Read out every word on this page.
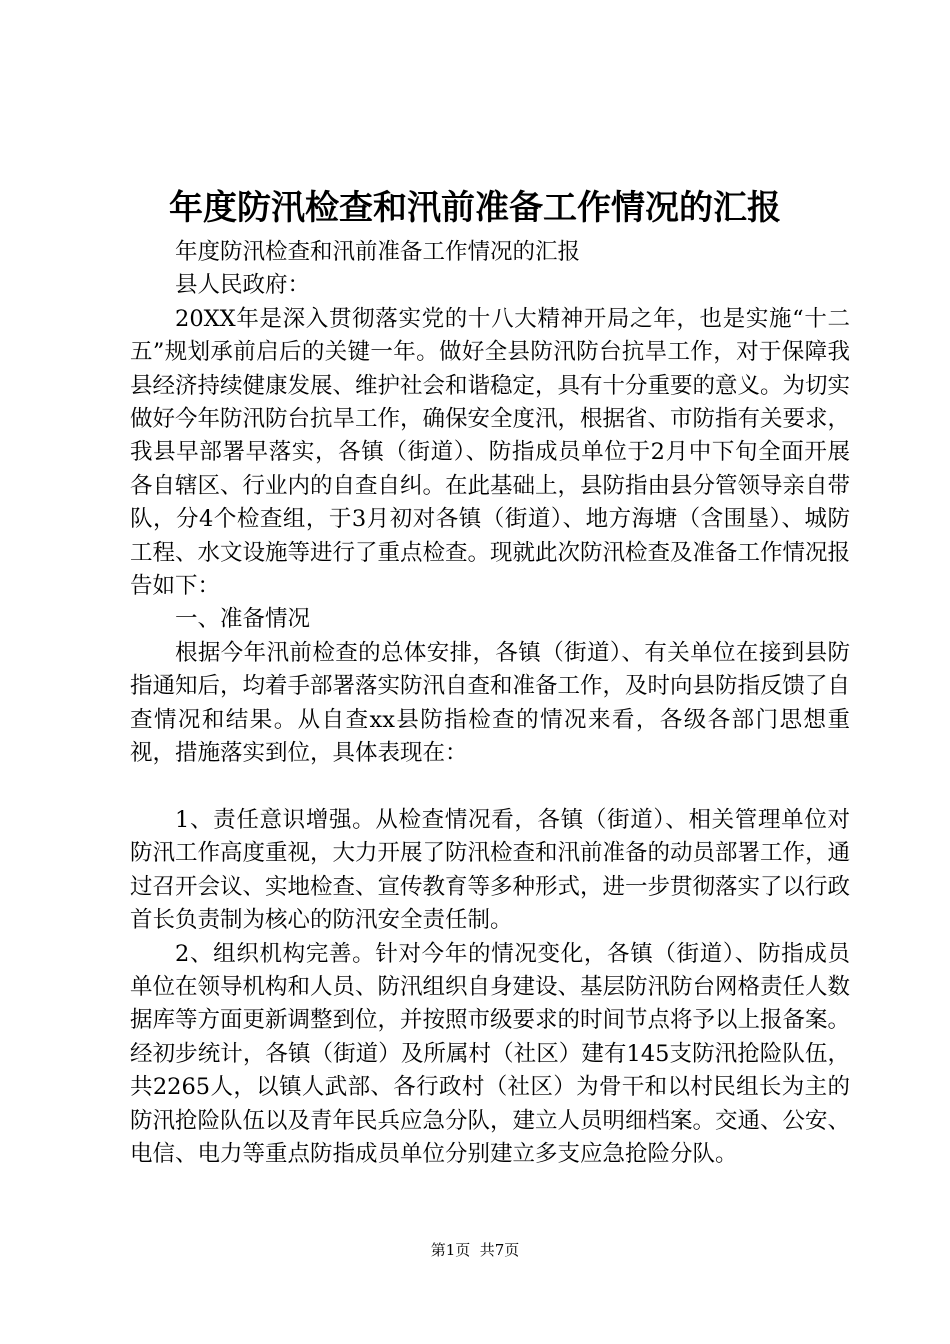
年度防汛检查和汛前准备工作情况的汇报

年度防汛检查和汛前准备工作情况的汇报

县人民政府：

20XX年是深入贯彻落实党的十八大精神开局之年，也是实施“十二五”规划承前启后的关键一年。做好全县防汛防台抗旱工作，对于保障我县经济持续健康发展、维护社会和谐稳定，具有十分重要的意义。为切实做好今年防汛防台抗旱工作，确保安全度汛，根据省、市防指有关要求，我县早部署早落实，各镇（街道）、防指成员单位于2月中下旬全面开展各自辖区、行业内的自查自纠。在此基础上，县防指由县分管领导亲自带队，分4个检查组，于3月初对各镇（街道）、地方海塘（含围垦）、城防工程、水文设施等进行了重点检查。现就此次防汛检查及准备工作情况报告如下：

一、准备情况

根据今年汛前检查的总体安排，各镇（街道）、有关单位在接到县防指通知后，均着手部署落实防汛自查和准备工作，及时向县防指反馈了自查情况和结果。从自查xx县防指检查的情况来看，各级各部门思想重视，措施落实到位，具体表现在：

1、责任意识增强。从检查情况看，各镇（街道）、相关管理单位对防汛工作高度重视，大力开展了防汛检查和汛前准备的动员部署工作，通过召开会议、实地检查、宣传教育等多种形式，进一步贯彻落实了以行政首长负责制为核心的防汛安全责任制。

2、组织机构完善。针对今年的情况变化，各镇（街道）、防指成员单位在领导机构和人员、防汛组织自身建设、基层防汛防台网格责任人数据库等方面更新调整到位，并按照市级要求的时间节点将予以上报备案。经初步统计，各镇（街道）及所属村（社区）建有145支防汛抢险队伍，共2265人，以镇人武部、各行政村（社区）为骨干和以村民组长为主的防汛抢险队伍以及青年民兵应急分队，建立人员明细档案。交通、公安、电信、电力等重点防指成员单位分别建立多支应急抢险分队。

第1页  共7页
